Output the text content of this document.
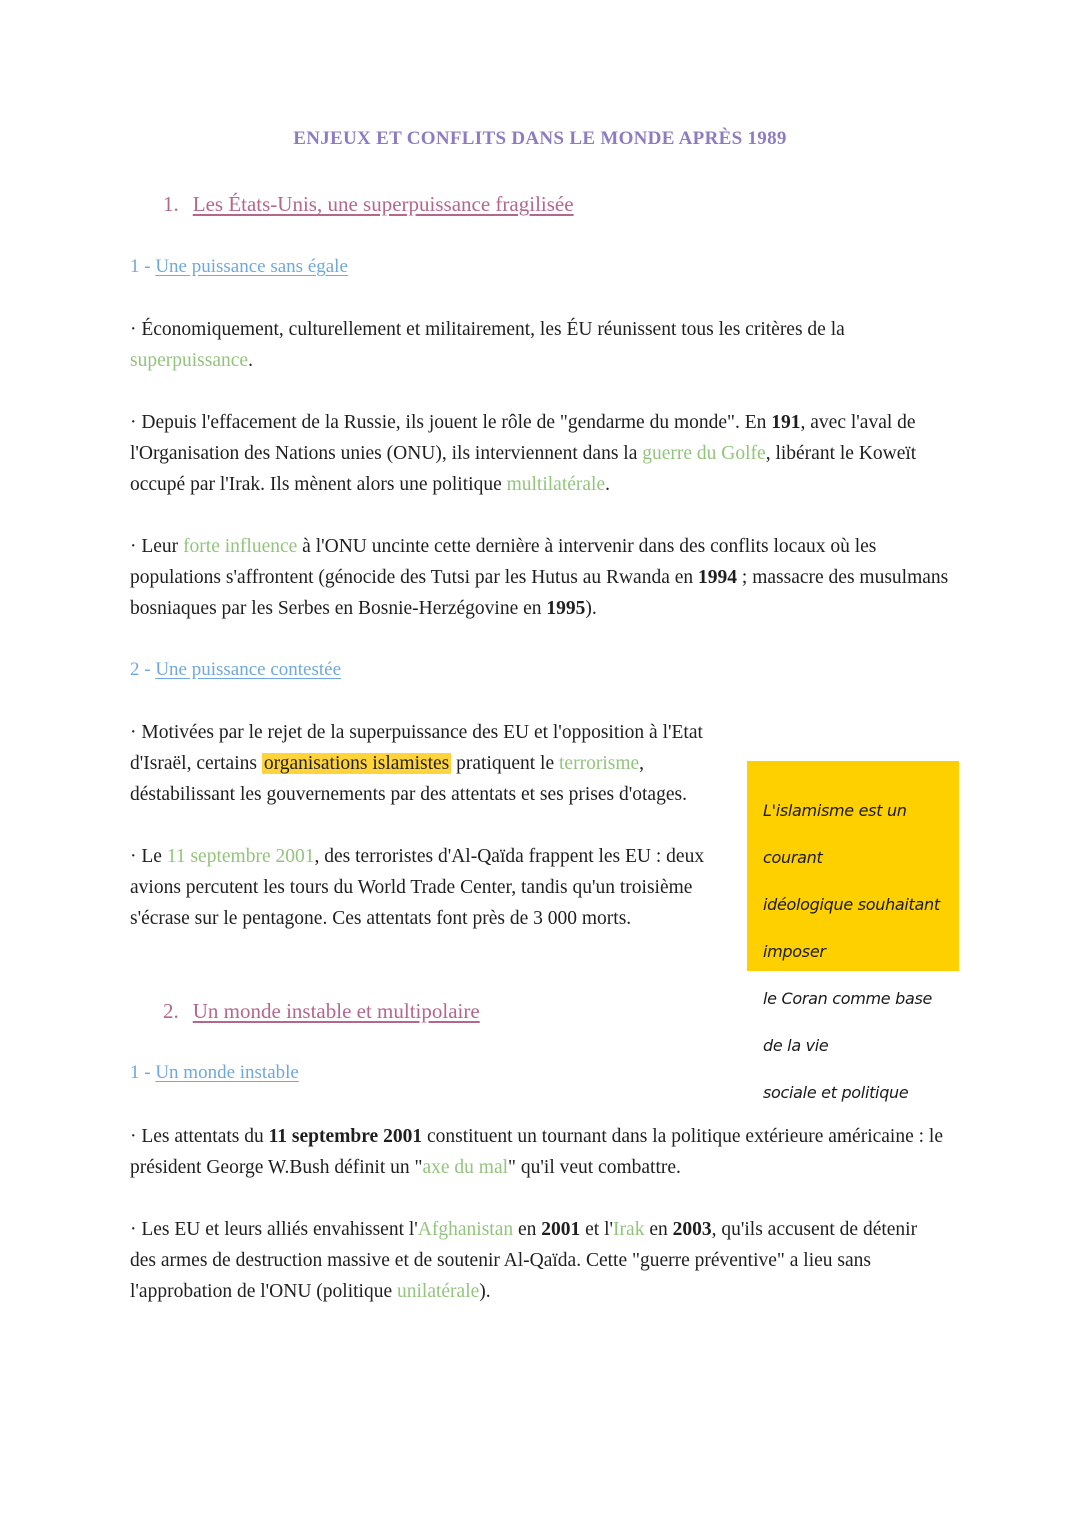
ENJEUX ET CONFLITS DANS LE MONDE APRÈS 1989
1. Les États-Unis, une superpuissance fragilisée
1 - Une puissance sans égale
· Économiquement, culturellement et militairement, les ÉU réunissent tous les critères de la superpuissance.
· Depuis l'effacement de la Russie, ils jouent le rôle de "gendarme du monde". En 191, avec l'aval de l'Organisation des Nations unies (ONU), ils interviennent dans la guerre du Golfe, libérant le Koweït occupé par l'Irak. Ils mènent alors une politique multilatérale.
· Leur forte influence à l'ONU uncinte cette dernière à intervenir dans des conflits locaux où les populations s'affrontent (génocide des Tutsi par les Hutus au Rwanda en 1994 ; massacre des musulmans bosniaques par les Serbes en Bosnie-Herzégovine en 1995).
2 - Une puissance contestée
· Motivées par le rejet de la superpuissance des EU et l'opposition à l'Etat d'Israël, certains organisations islamistes pratiquent le terrorisme, déstabilissant les gouvernements par des attentats et ses prises d'otages.
· Le 11 septembre 2001, des terroristes d'Al-Qaïda frappent les EU : deux avions percutent les tours du World Trade Center, tandis qu'un troisième s'écrase sur le pentagone. Ces attentats font près de 3 000 morts.
L'islamisme est un courant
idéologique souhaitant imposer
le Coran comme base de la vie
sociale et politique
2. Un monde instable et multipolaire
1 - Un monde instable
· Les attentats du 11 septembre 2001 constituent un tournant dans la politique extérieure américaine : le président George W.Bush définit un "axe du mal" qu'il veut combattre.
· Les EU et leurs alliés envahissent l'Afghanistan en 2001 et l'Irak en 2003, qu'ils accusent de détenir des armes de destruction massive et de soutenir Al-Qaïda. Cette "guerre préventive" a lieu sans l'approbation de l'ONU (politique unilatérale).
